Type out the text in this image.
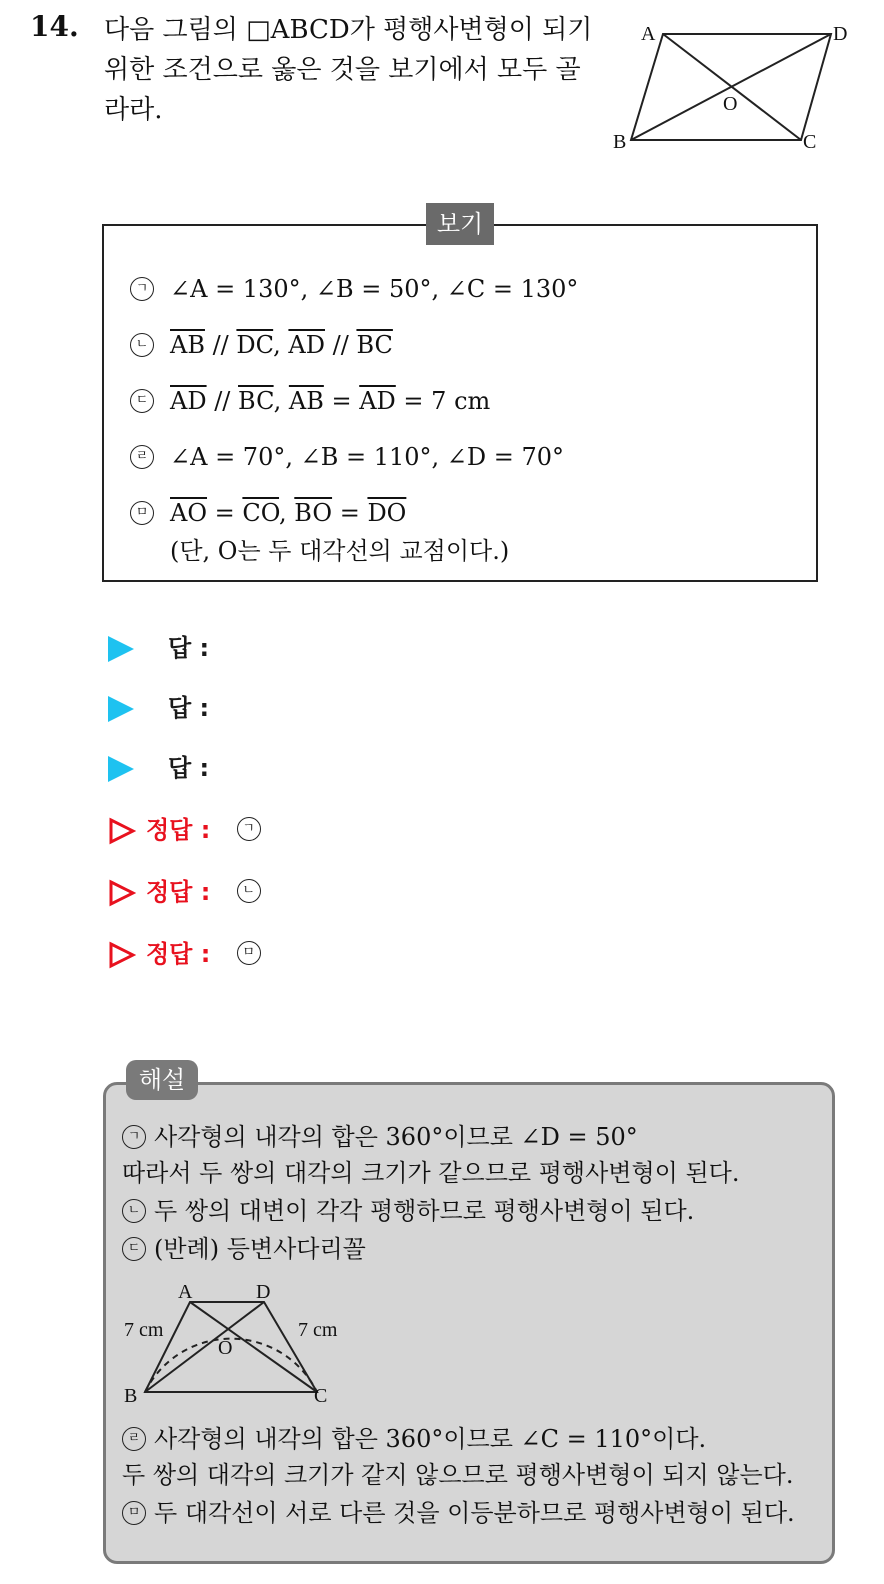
14. 다음 그림의 □ABCD가 평행사변형이 되기
위한 조건으로 옳은 것을 보기에서 모두 골
라라.
A	D
B	C
O
보기
ㄱ ∠A = 130°, ∠B = 50°, ∠C = 130°
ㄴ $\overline{AB} // \overline{DC}$, $\overline{AD} // \overline{BC}$
ㄷ $\overline{AD} // \overline{BC}$, $\overline{AB} = \overline{AD} = 7$ cm
ㄹ ∠A = 70°, ∠B = 110°, ∠D = 70°
ㅁ $\overline{AO} = \overline{CO}$, $\overline{BO} = \overline{DO}$
(단, O는 두 대각선의 교점이다.)
답 :
답 :
답 :
정답 : ㄱ
정답 : ㄴ
정답 : ㅁ
해설
ㄱ 사각형의 내각의 합은 360°이므로 ∠D = 50°
따라서 두 쌍의 대각의 크기가 같으므로 평행사변형이 된다.
ㄴ 두 쌍의 대변이 각각 평행하므로 평행사변형이 된다.
ㄷ (반례) 등변사다리꼴
A	D
B	C
O
7 cm	7 cm
ㄹ 사각형의 내각의 합은 360°이므로 ∠C = 110°이다.
두 쌍의 대각의 크기가 같지 않으므로 평행사변형이 되지 않는다.
ㅁ 두 대각선이 서로 다른 것을 이등분하므로 평행사변형이 된다.
